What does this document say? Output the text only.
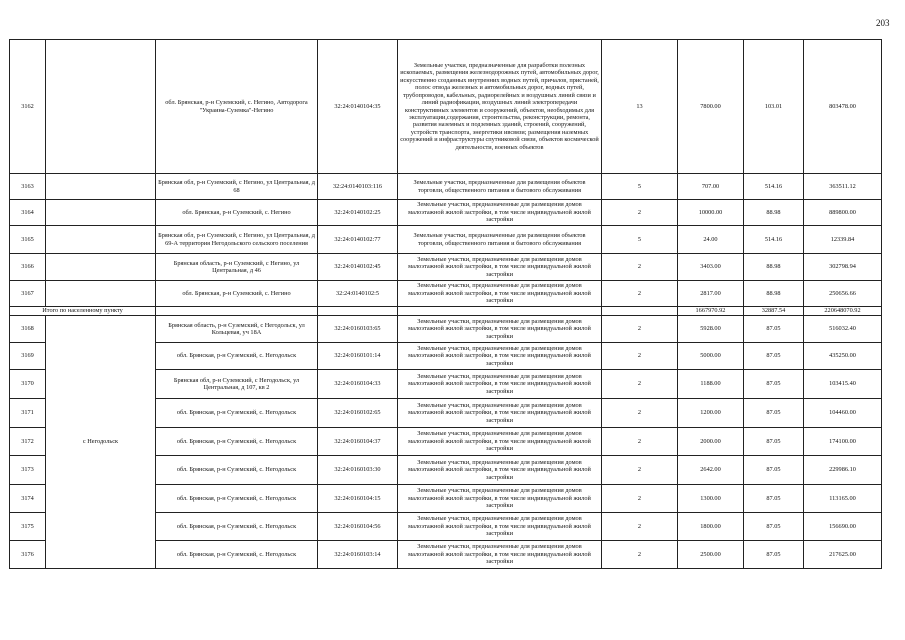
203
3162		обл. Брянская, р-н Суземский, с. Негино, Автодорога "Украина-Суземка"-Негино	32:24:0140104:35	Земельные участки, предназначенные для разработки полезных ископаемых, размещения железнодорожных путей, автомобильных дорог, искусственно созданных внутренних водных путей, причалов, пристаней, полос отвода железных и автомобильных дорог, водных путей, трубопроводов, кабельных, радиорелейных и воздушных линий связи и линий радиофикации, воздушных линий электропередачи конструктивных элементов и сооружений, объектов, необходимых для эксплуатации,содержания, строительства, реконструкции, ремонта, развития наземных и подземных зданий, строений, сооружений, устройств транспорта, энергетики ивсвязи; размещения наземных сооружений и инфраструктуры спутниковой связи, объектов космической деятельности, военных объектов	13	7800.00	103.01	803478.00
3163		Брянская обл, р-н Суземский, с Негино, ул Центральная, д 68	32:24:0140103:116	Земельные участки, предназначенные для размещения объектов торговли, общественного питания и бытового обслуживания	5	707.00	514.16	363511.12
3164		обл. Брянская, р-н Суземский, с. Негино	32:24:0140102:25	Земельные участки, предназначенные для размещения домов малоэтажной жилой застройки, в том числе индивидуальной жилой застройки	2	10000.00	88.98	889800.00
3165		Брянская обл, р-н Суземский, с Негино, ул Центральная, д 69-А территория Негодольского сельского поселения	32:24:0140102:77	Земельные участки, предназначенные для размещения объектов торговли, общественного питания и бытового обслуживания	5	24.00	514.16	12339.84
3166		Брянская область, р-н Суземский, с Негино, ул Центральная, д 46	32:24:0140102:45	Земельные участки, предназначенные для размещения домов малоэтажной жилой застройки, в том числе индивидуальной жилой застройки	2	3403.00	88.98	302798.94
3167		обл. Брянская, р-н Суземский, с. Негино	32:24:0140102:5	Земельные участки, предназначенные для размещения домов малоэтажной жилой застройки, в том числе индивидуальной жилой застройки	2	2817.00	88.98	250656.66
Итого по населенному пункту						1667970.92	32887.54	220648070.92
3168	с Негодольск	Брянская область, р-н Суземский, с Негодольск, ул Кольцевая, уч 18А	32:24:0160103:65	Земельные участки, предназначенные для размещения домов малоэтажной жилой застройки, в том числе индивидуальной жилой застройки	2	5928.00	87.05	516032.40
3169		обл. Брянская, р-н Суземский, с. Негодольск	32:24:0160101:14	Земельные участки, предназначенные для размещения домов малоэтажной жилой застройки, в том числе индивидуальной жилой застройки	2	5000.00	87.05	435250.00
3170		Брянская обл, р-н Суземский, с Негодольск, ул Центральная, д 107, кв 2	32:24:0160104:33	Земельные участки, предназначенные для размещения домов малоэтажной жилой застройки, в том числе индивидуальной жилой застройки	2	1188.00	87.05	103415.40
3171		обл. Брянская, р-н Суземский, с. Негодольск	32:24:0160102:65	Земельные участки, предназначенные для размещения домов малоэтажной жилой застройки, в том числе индивидуальной жилой застройки	2	1200.00	87.05	104460.00
3172		обл. Брянская, р-н Суземский, с. Негодольск	32:24:0160104:37	Земельные участки, предназначенные для размещения домов малоэтажной жилой застройки, в том числе индивидуальной жилой застройки	2	2000.00	87.05	174100.00
3173		обл. Брянская, р-н Суземский, с. Негодольск	32:24:0160103:30	Земельные участки, предназначенные для размещения домов малоэтажной жилой застройки, в том числе индивидуальной жилой застройки	2	2642.00	87.05	229986.10
3174		обл. Брянская, р-н Суземский, с. Негодольск	32:24:0160104:15	Земельные участки, предназначенные для размещения домов малоэтажной жилой застройки, в том числе индивидуальной жилой застройки	2	1300.00	87.05	113165.00
3175		обл. Брянская, р-н Суземский, с. Негодольск	32:24:0160104:56	Земельные участки, предназначенные для размещения домов малоэтажной жилой застройки, в том числе индивидуальной жилой застройки	2	1800.00	87.05	156690.00
3176		обл. Брянская, р-н Суземский, с. Негодольск	32:24:0160103:14	Земельные участки, предназначенные для размещения домов малоэтажной жилой застройки, в том числе индивидуальной жилой застройки	2	2500.00	87.05	217625.00
